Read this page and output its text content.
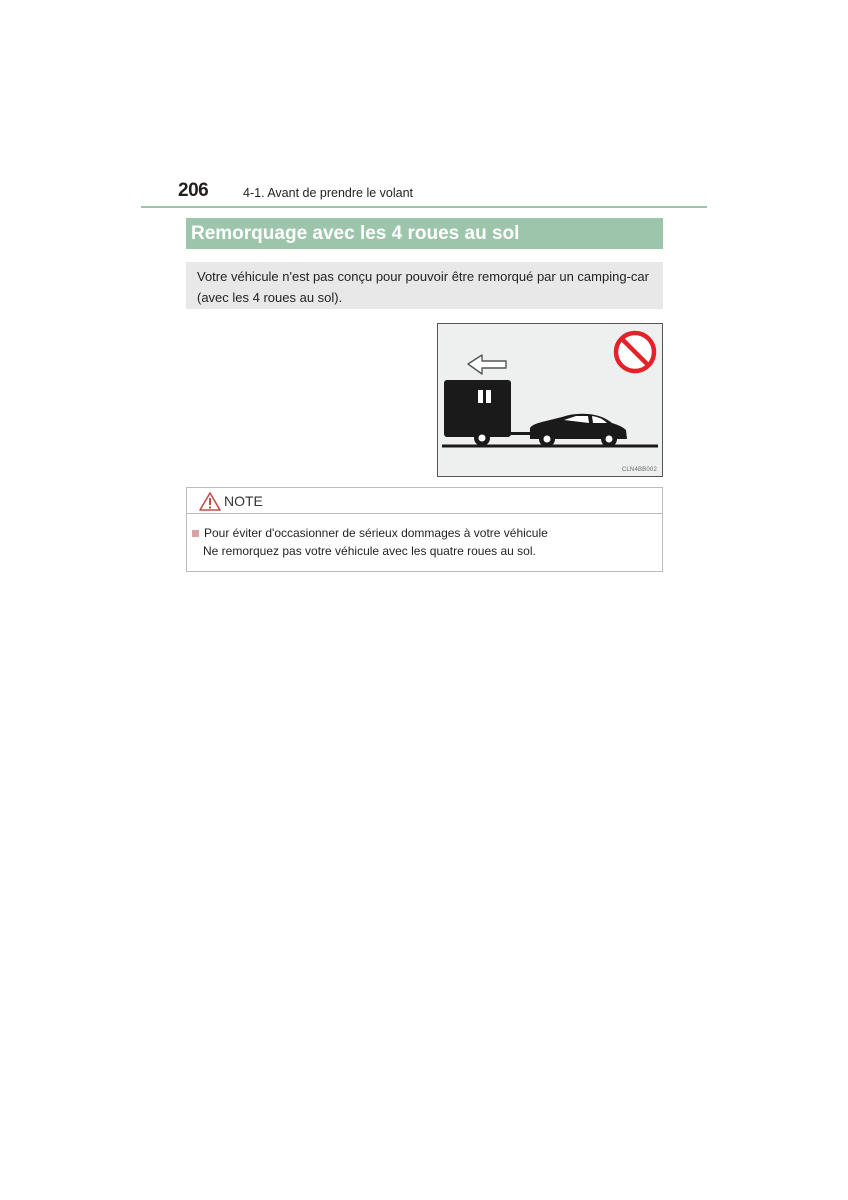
206	4-1. Avant de prendre le volant
Remorquage avec les 4 roues au sol
Votre véhicule n'est pas conçu pour pouvoir être remorqué par un camping-car (avec les 4 roues au sol).
CLN4BB002
NOTE
Pour éviter d'occasionner de sérieux dommages à votre véhicule
Ne remorquez pas votre véhicule avec les quatre roues au sol.
